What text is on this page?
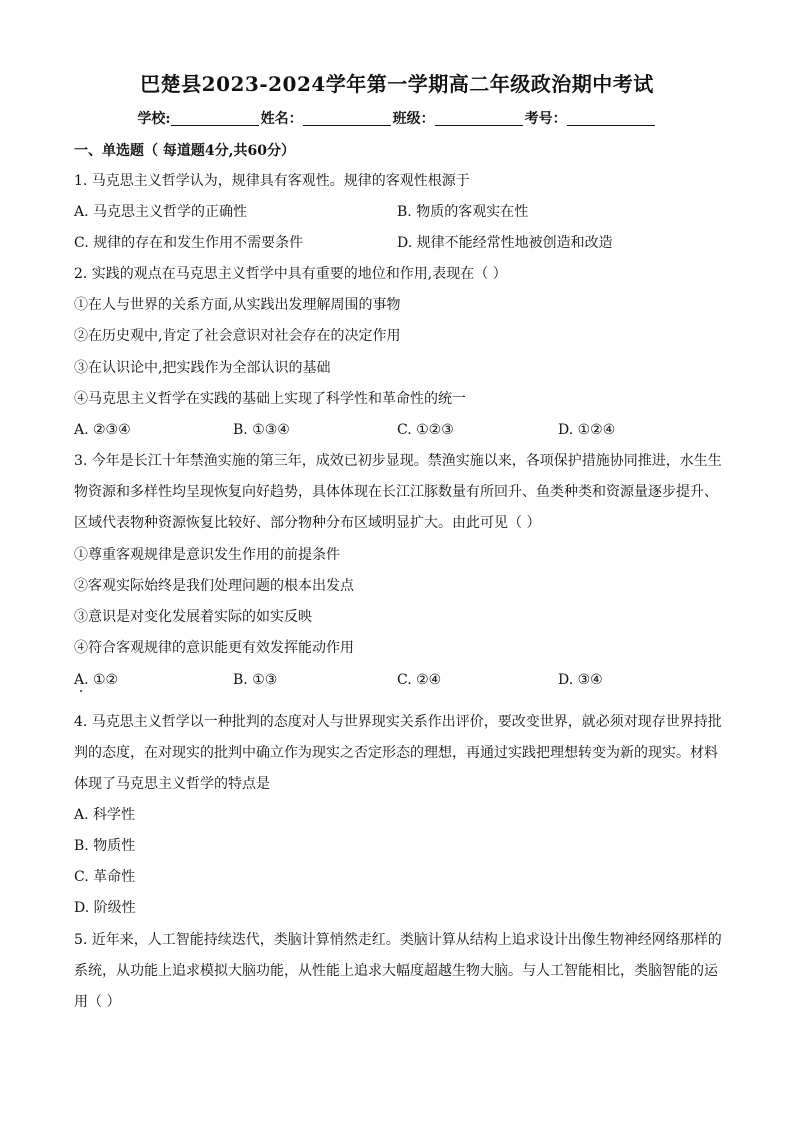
巴楚县2023-2024学年第一学期高二年级政治期中考试
学校:	姓名：	班级：	考号：
一、单选题（ 每道题4分,共60分）
1. 马克思主义哲学认为，规律具有客观性。规律的客观性根源于
A. 马克思主义哲学的正确性	B. 物质的客观实在性
C. 规律的存在和发生作用不需要条件	D. 规律不能经常性地被创造和改造
2. 实践的观点在马克思主义哲学中具有重要的地位和作用,表现在（ ）
①在人与世界的关系方面,从实践出发理解周围的事物
②在历史观中,肯定了社会意识对社会存在的决定作用
③在认识论中,把实践作为全部认识的基础
④马克思主义哲学在实践的基础上实现了科学性和革命性的统一
A. ②③④	B. ①③④	C. ①②③	D. ①②④
3. 今年是长江十年禁渔实施的第三年，成效已初步显现。禁渔实施以来，各项保护措施协同推进，水生生
物资源和多样性均呈现恢复向好趋势，具体体现在长江江豚数量有所回升、鱼类种类和资源量逐步提升、
区域代表物种资源恢复比较好、部分物种分布区域明显扩大。由此可见（ ）
①尊重客观规律是意识发生作用的前提条件
②客观实际始终是我们处理问题的根本出发点
③意识是对变化发展着实际的如实反映
④符合客观规律的意识能更有效发挥能动作用
A. ①②	B. ①③	C. ②④	D. ③④
4. 马克思主义哲学以一种批判的态度对人与世界现实关系作出评价，要改变世界，就必须对现存世界持批
判的态度，在对现实的批判中确立作为现实之否定形态的理想，再通过实践把理想转变为新的现实。材料
体现了马克思主义哲学的特点是
A. 科学性
B. 物质性
C. 革命性
D. 阶级性
5. 近年来，人工智能持续迭代，类脑计算悄然走红。类脑计算从结构上追求设计出像生物神经网络那样的
系统，从功能上追求模拟大脑功能，从性能上追求大幅度超越生物大脑。与人工智能相比，类脑智能的运
用（ ）
